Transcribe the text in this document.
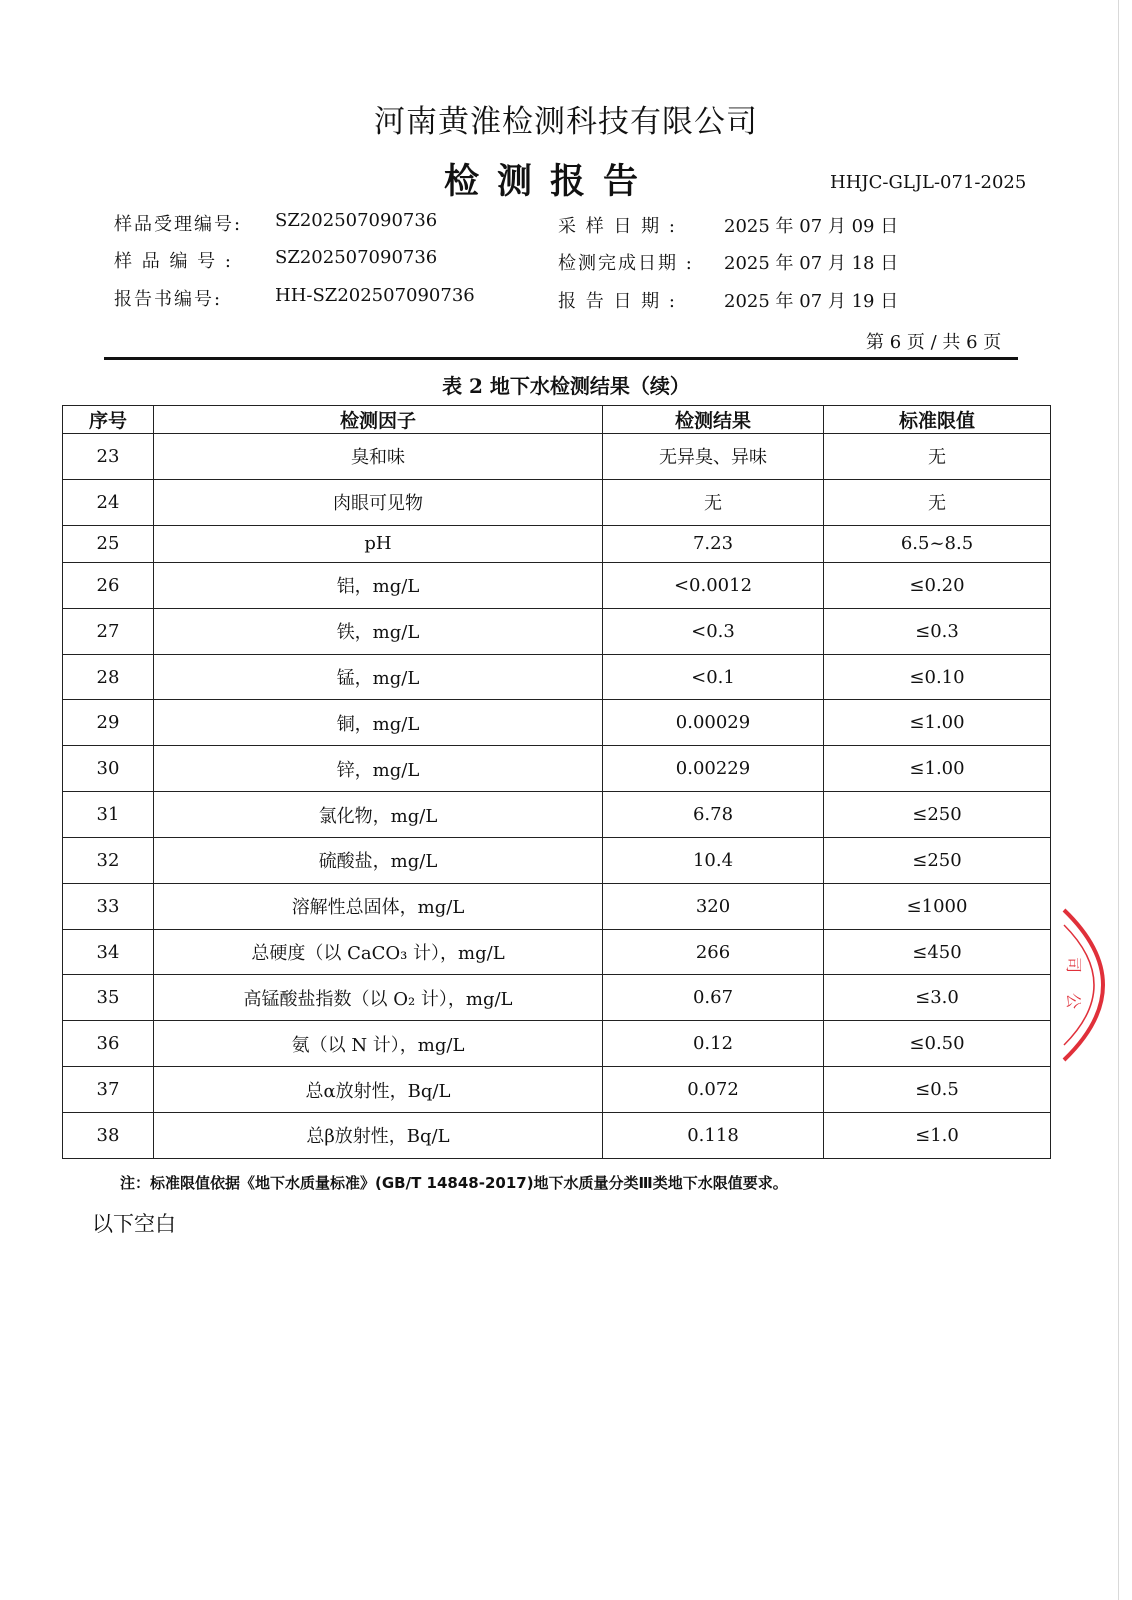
河南黄淮检测科技有限公司
检测报告	HHJC-GLJL-071-2025
样品受理编号: SZ202507090736
样 品 编 号 : SZ202507090736
报告书编号:	HH-SZ202507090736
采 样 日 期 :	2025 年 07 月 09 日
检测完成日期 : 2025 年 07 月 18 日
报 告 日 期 :	2025 年 07 月 19 日
第 6 页 / 共 6 页
表 2 地下水检测结果（续）
序号	检测因子	检测结果	标准限值
23	臭和味	无异臭、异味	无
24	肉眼可见物	无	无
25	pH	7.23	6.5~8.5
26	铝，mg/L	<0.0012	≤0.20
27	铁，mg/L	<0.3	≤0.3
28	锰，mg/L	<0.1	≤0.10
29	铜，mg/L	0.00029	≤1.00
30	锌，mg/L	0.00229	≤1.00
31	氯化物，mg/L	6.78	≤250
32	硫酸盐，mg/L	10.4	≤250
33	溶解性总固体，mg/L	320	≤1000
34	总硬度（以 CaCO₃ 计），mg/L	266	≤450
35	高锰酸盐指数（以 O₂ 计），mg/L	0.67	≤3.0
36	氨（以 N 计），mg/L	0.12	≤0.50
37	总α放射性，Bq/L	0.072	≤0.5
38	总β放射性，Bq/L	0.118	≤1.0
注：标准限值依据《地下水质量标准》(GB/T 14848-2017)地下水质量分类Ⅲ类地下水限值要求。
以下空白
司
公
